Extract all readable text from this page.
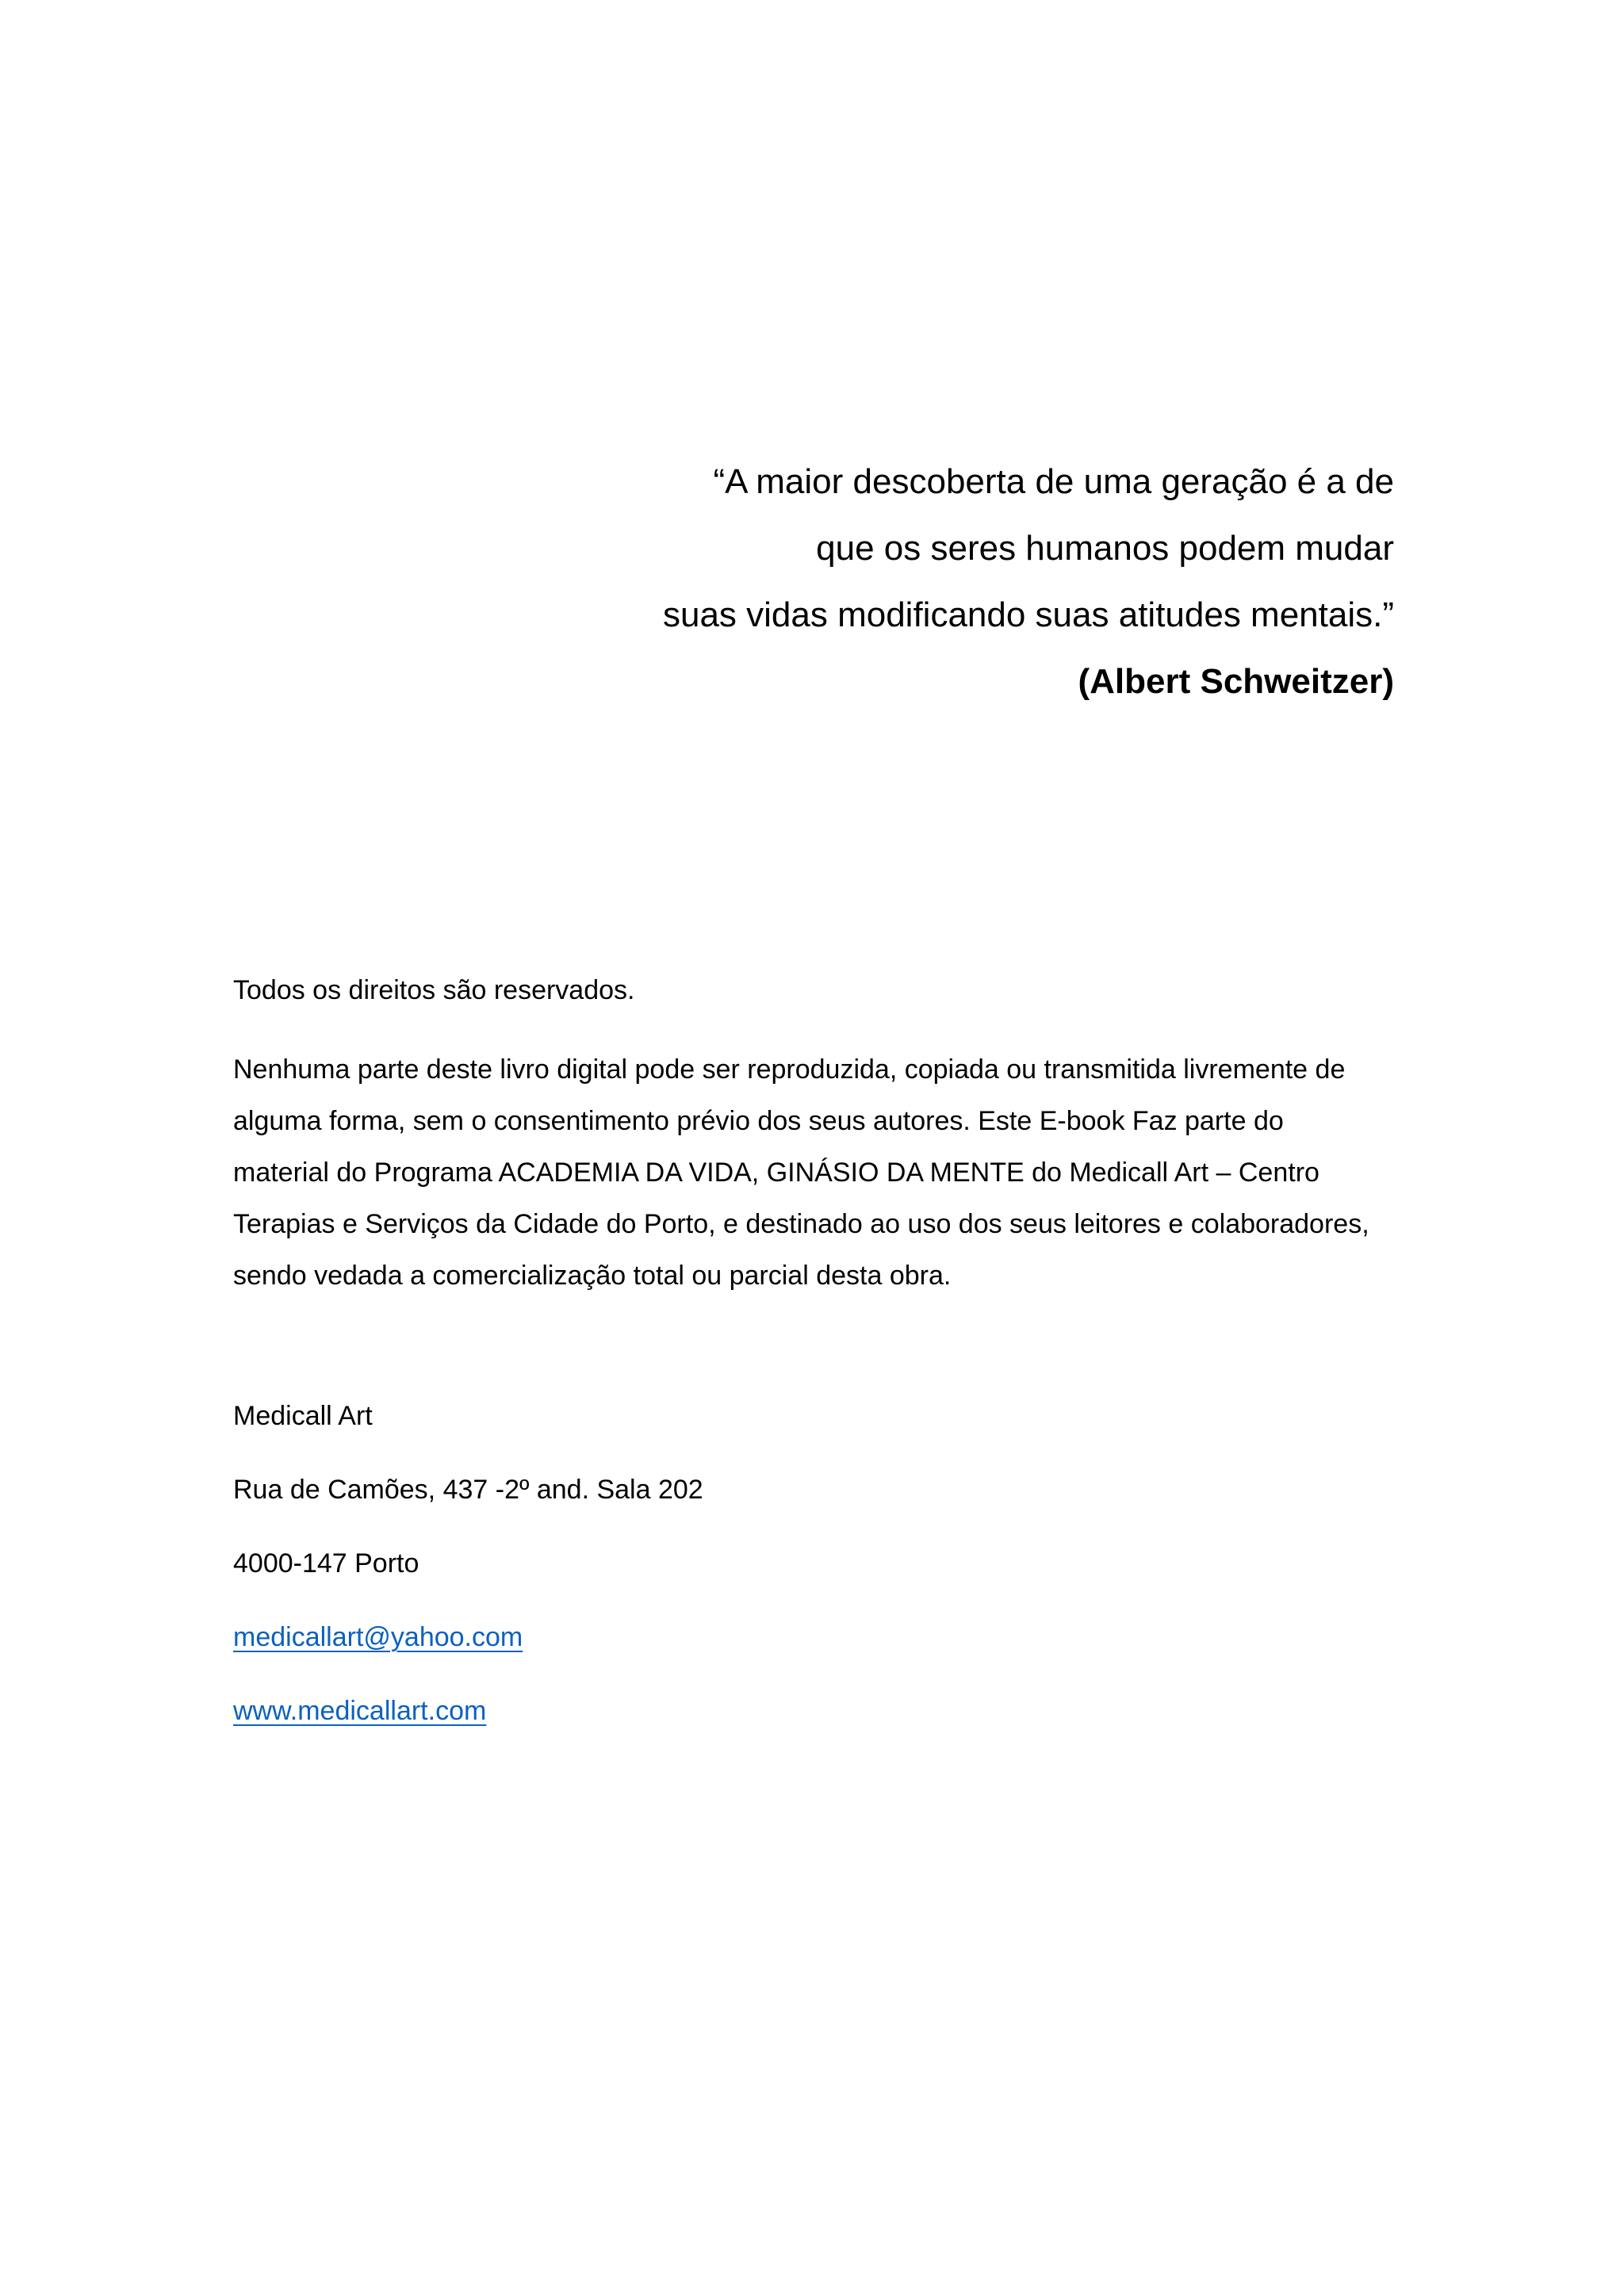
“A maior descoberta de uma geração é a de
que os seres humanos podem mudar
suas vidas modificando suas atitudes mentais.”
(Albert Schweitzer)

Todos os direitos são reservados.

Nenhuma parte deste livro digital pode ser reproduzida, copiada ou transmitida livremente de
alguma forma, sem o consentimento prévio dos seus autores. Este E-book Faz parte do
material do Programa ACADEMIA DA VIDA, GINÁSIO DA MENTE do Medicall Art – Centro
Terapias e Serviços da Cidade do Porto, e destinado ao uso dos seus leitores e colaboradores,
sendo vedada a comercialização total ou parcial desta obra.

Medicall Art

Rua de Camões, 437 -2º and. Sala 202

4000-147 Porto

medicallart@yahoo.com

www.medicallart.com
